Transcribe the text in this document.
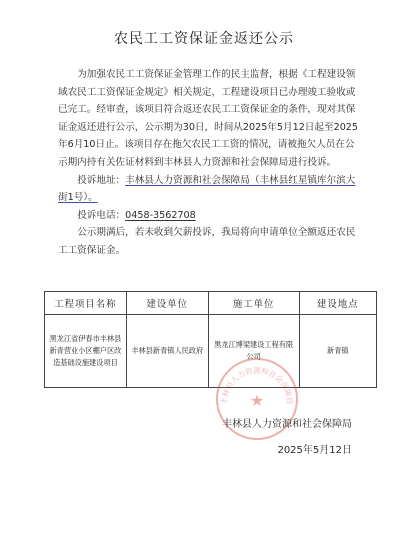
农民工工资保证金返还公示

为加强农民工工资保证金管理工作的民主监督，根据《工程建设领域农民工工资保证金规定》相关规定，工程建设项目已办理竣工验收或已完工。经审查，该项目符合返还农民工工资保证金的条件，现对其保证金返还进行公示，公示期为30日，时间从2025年5月12日起至2025年6月10日止。该项目存在拖欠农民工工资的情况，请被拖欠人员在公示期内持有关佐证材料到丰林县人力资源和社会保障局进行投诉。

投诉地址：丰林县人力资源和社会保障局（丰林县红星镇库尔滨大街1号）。

投诉电话：0458-3562708

公示期满后，若未收到欠薪投诉，我局将向申请单位全额返还农民工工资保证金。

工程项目名称	建设单位	施工单位	建设地点
黑龙江省伊春市丰林县新青营业小区棚户区改造基础设施建设项目	丰林县新青镇人民政府	黑龙江博梁建设工程有限公司	新青镇
丰林县人力资源和社会保障局
★
丰林县人力资源和社会保障局
2025年5月12日
